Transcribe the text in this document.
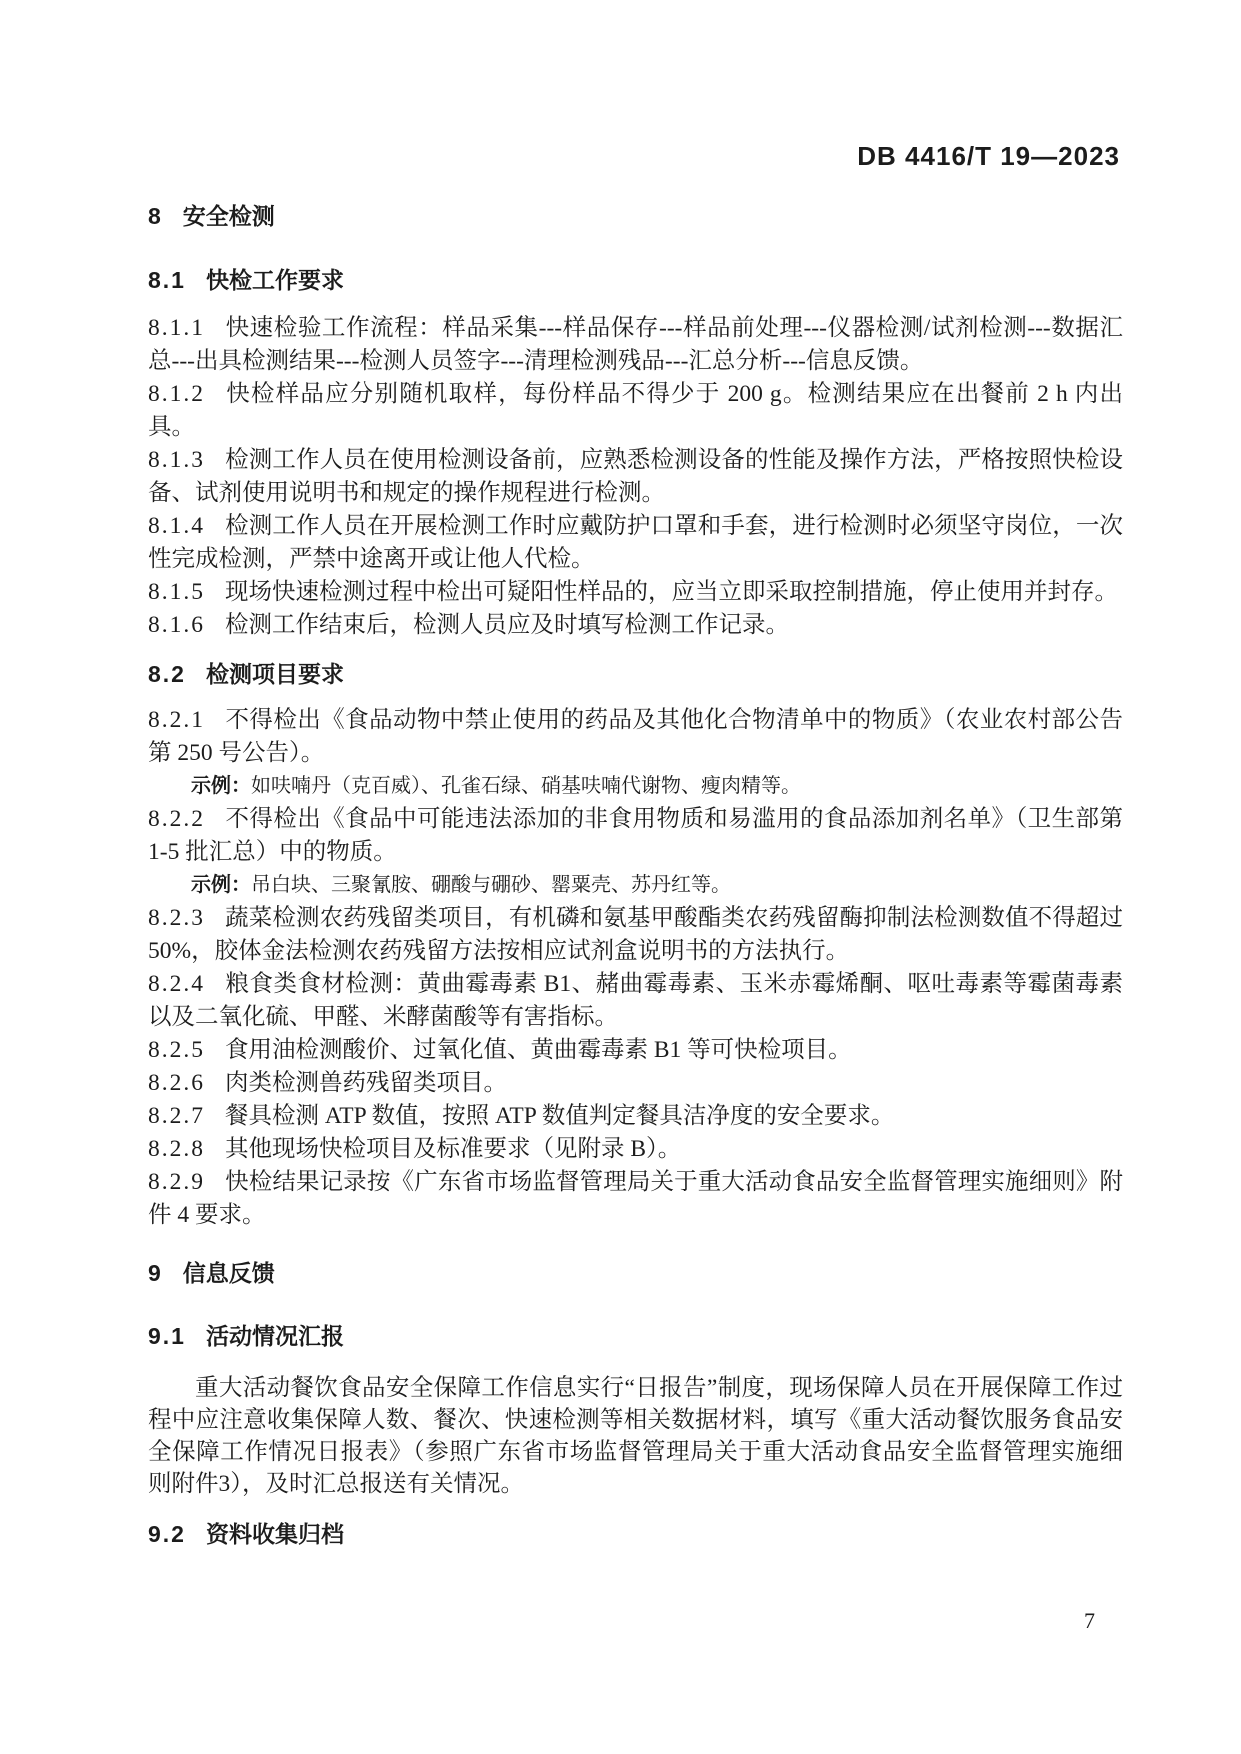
DB 4416/T 19—2023
8 安全检测
8.1 快检工作要求

8.1.1 快速检验工作流程：样品采集---样品保存---样品前处理---仪器检测/试剂检测---数据汇总---出具检测结果---检测人员签字---清理检测残品---汇总分析---信息反馈。

8.1.2 快检样品应分别随机取样，每份样品不得少于 200 g。检测结果应在出餐前 2 h 内出具。

8.1.3 检测工作人员在使用检测设备前，应熟悉检测设备的性能及操作方法，严格按照快检设备、试剂使用说明书和规定的操作规程进行检测。

8.1.4 检测工作人员在开展检测工作时应戴防护口罩和手套，进行检测时必须坚守岗位，一次性完成检测，严禁中途离开或让他人代检。

8.1.5 现场快速检测过程中检出可疑阳性样品的，应当立即采取控制措施，停止使用并封存。

8.1.6 检测工作结束后，检测人员应及时填写检测工作记录。

8.2 检测项目要求

8.2.1 不得检出《食品动物中禁止使用的药品及其他化合物清单中的物质》（农业农村部公告第 250 号公告）。

示例：如呋喃丹（克百威）、孔雀石绿、硝基呋喃代谢物、瘦肉精等。

8.2.2 不得检出《食品中可能违法添加的非食用物质和易滥用的食品添加剂名单》（卫生部第 1-5 批汇总）中的物质。

示例：吊白块、三聚氰胺、硼酸与硼砂、罂粟壳、苏丹红等。

8.2.3 蔬菜检测农药残留类项目，有机磷和氨基甲酸酯类农药残留酶抑制法检测数值不得超过 50%，胶体金法检测农药残留方法按相应试剂盒说明书的方法执行。

8.2.4 粮食类食材检测：黄曲霉毒素 B1、赭曲霉毒素、玉米赤霉烯酮、呕吐毒素等霉菌毒素以及二氧化硫、甲醛、米酵菌酸等有害指标。

8.2.5 食用油检测酸价、过氧化值、黄曲霉毒素 B1 等可快检项目。

8.2.6 肉类检测兽药残留类项目。

8.2.7 餐具检测 ATP 数值，按照 ATP 数值判定餐具洁净度的安全要求。

8.2.8 其他现场快检项目及标准要求（见附录 B）。

8.2.9 快检结果记录按《广东省市场监督管理局关于重大活动食品安全监督管理实施细则》附件 4 要求。

9 信息反馈
9.1 活动情况汇报

重大活动餐饮食品安全保障工作信息实行“日报告”制度，现场保障人员在开展保障工作过程中应注意收集保障人数、餐次、快速检测等相关数据材料，填写《重大活动餐饮服务食品安全保障工作情况日报表》（参照广东省市场监督管理局关于重大活动食品安全监督管理实施细则附件3），及时汇总报送有关情况。

9.2 资料收集归档
7
